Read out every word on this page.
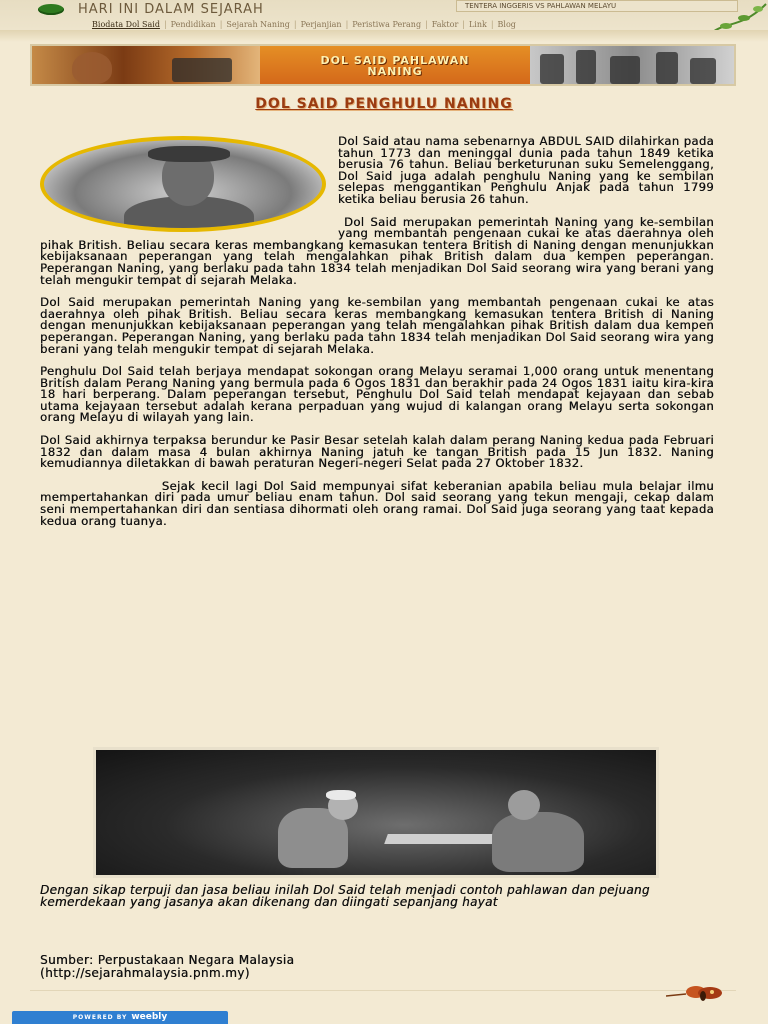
HARI INI DALAM SEJARAH	TENTERA INGGERIS VS PAHLAWAN MELAYU
Biodata Dol Said | Pendidikan | Sejarah Naning | Perjanjian | Peristiwa Perang | Faktor | Link | Blog
DOL SAID PAHLAWAN
NANING
DOL SAID PENGHULU NANING

Dol Said atau nama sebenarnya ABDUL SAID dilahirkan pada tahun 1773 dan meninggal dunia pada tahun 1849 ketika berusia 76 tahun. Beliau berketurunan suku Semelenggang, Dol Said juga adalah penghulu Naning yang ke sembilan selepas menggantikan Penghulu Anjak pada tahun 1799 ketika beliau berusia 26 tahun.

Dol Said merupakan pemerintah Naning yang ke-sembilan yang membantah pengenaan cukai ke atas daerahnya oleh pihak British. Beliau secara keras membangkang kemasukan tentera British di Naning dengan menunjukkan kebijaksanaan peperangan yang telah mengalahkan pihak British dalam dua kempen peperangan. Peperangan Naning, yang berlaku pada tahn 1834 telah menjadikan Dol Said seorang wira yang berani yang telah mengukir tempat di sejarah Melaka.

Dol Said merupakan pemerintah Naning yang ke-sembilan yang membantah pengenaan cukai ke atas daerahnya oleh pihak British. Beliau secara keras membangkang kemasukan tentera British di Naning dengan menunjukkan kebijaksanaan peperangan yang telah mengalahkan pihak British dalam dua kempen peperangan. Peperangan Naning, yang berlaku pada tahn 1834 telah menjadikan Dol Said seorang wira yang berani yang telah mengukir tempat di sejarah Melaka.

Penghulu Dol Said telah berjaya mendapat sokongan orang Melayu seramai 1,000 orang untuk menentang British dalam Perang Naning yang bermula pada 6 Ogos 1831 dan berakhir pada 24 Ogos 1831 iaitu kira-kira 18 hari berperang. Dalam peperangan tersebut, Penghulu Dol Said telah mendapat kejayaan dan sebab utama kejayaan tersebut adalah kerana perpaduan yang wujud di kalangan orang Melayu serta sokongan orang Melayu di wilayah yang lain.

Dol Said akhirnya terpaksa berundur ke Pasir Besar setelah kalah dalam perang Naning kedua pada Februari 1832 dan dalam masa 4 bulan akhirnya Naning jatuh ke tangan British pada 15 Jun 1832. Naning kemudiannya diletakkan di bawah peraturan Negeri-negeri Selat pada 27 Oktober 1832.

Sejak kecil lagi Dol Said mempunyai sifat keberanian apabila beliau mula belajar ilmu mempertahankan diri pada umur beliau enam tahun. Dol said seorang yang tekun mengaji, cekap dalam seni mempertahankan diri dan sentiasa dihormati oleh orang ramai. Dol Said juga seorang yang taat kepada kedua orang tuanya.

Dengan sikap terpuji dan jasa beliau inilah Dol Said telah menjadi contoh pahlawan dan pejuang kemerdekaan yang jasanya akan dikenang dan diingati sepanjang hayat
Sumber: Perpustakaan Negara Malaysia
(http://sejarahmalaysia.pnm.my)
POWERED BY weebly
